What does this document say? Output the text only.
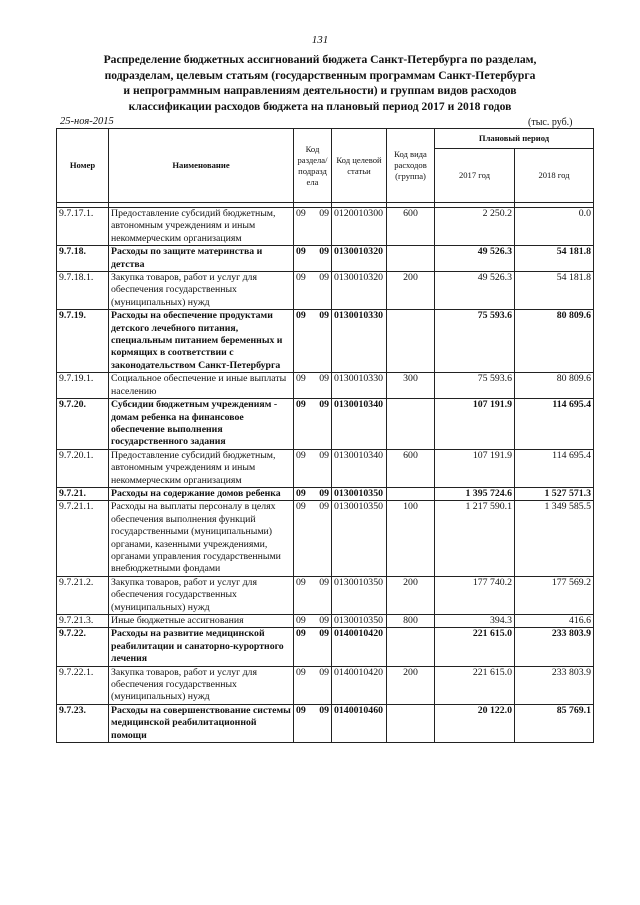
131
Распределение бюджетных ассигнований бюджета Санкт-Петербурга по разделам,
подразделам, целевым статьям (государственным программам Санкт-Петербурга
и непрограммным направлениям деятельности) и группам видов расходов
классификации расходов бюджета на плановый период 2017 и 2018 годов
25-ноя-2015	(тыс. руб.)
Номер	Наименование	Код раздела/ подразд ела	Код целевой статьи	Код вида расходов (группа)	Плановый период	
					2017 год	2018 год

9.7.17.1.	Предоставление субсидий бюджетным, автономным учреждениям и иным некоммерческим организациям	09 09	0120010300	600	2 250.2	0.0
9.7.18.	Расходы по защите материнства и детства	09 09	0130010320		49 526.3	54 181.8
9.7.18.1.	Закупка товаров, работ и услуг для обеспечения государственных (муниципальных) нужд	09 09	0130010320	200	49 526.3	54 181.8
9.7.19.	Расходы на обеспечение продуктами детского лечебного питания, специальным питанием беременных и кормящих в соответствии с законодательством Санкт-Петербурга	09 09	0130010330		75 593.6	80 809.6
9.7.19.1.	Социальное обеспечение и иные выплаты населению	09 09	0130010330	300	75 593.6	80 809.6
9.7.20.	Субсидии бюджетным учреждениям - домам ребенка на финансовое обеспечение выполнения государственного задания	09 09	0130010340		107 191.9	114 695.4
9.7.20.1.	Предоставление субсидий бюджетным, автономным учреждениям и иным некоммерческим организациям	09 09	0130010340	600	107 191.9	114 695.4
9.7.21.	Расходы на содержание домов ребенка	09 09	0130010350		1 395 724.6	1 527 571.3
9.7.21.1.	Расходы на выплаты персоналу в целях обеспечения выполнения функций государственными (муниципальными) органами, казенными учреждениями, органами управления государственными внебюджетными фондами	09 09	0130010350	100	1 217 590.1	1 349 585.5
9.7.21.2.	Закупка товаров, работ и услуг для обеспечения государственных (муниципальных) нужд	09 09	0130010350	200	177 740.2	177 569.2
9.7.21.3.	Иные бюджетные ассигнования	09 09	0130010350	800	394.3	416.6
9.7.22.	Расходы на развитие медицинской реабилитации и санаторно-курортного лечения	09 09	0140010420		221 615.0	233 803.9
9.7.22.1.	Закупка товаров, работ и услуг для обеспечения государственных (муниципальных) нужд	09 09	0140010420	200	221 615.0	233 803.9
9.7.23.	Расходы на совершенствование системы медицинской реабилитационной помощи	09 09	0140010460		20 122.0	85 769.1
